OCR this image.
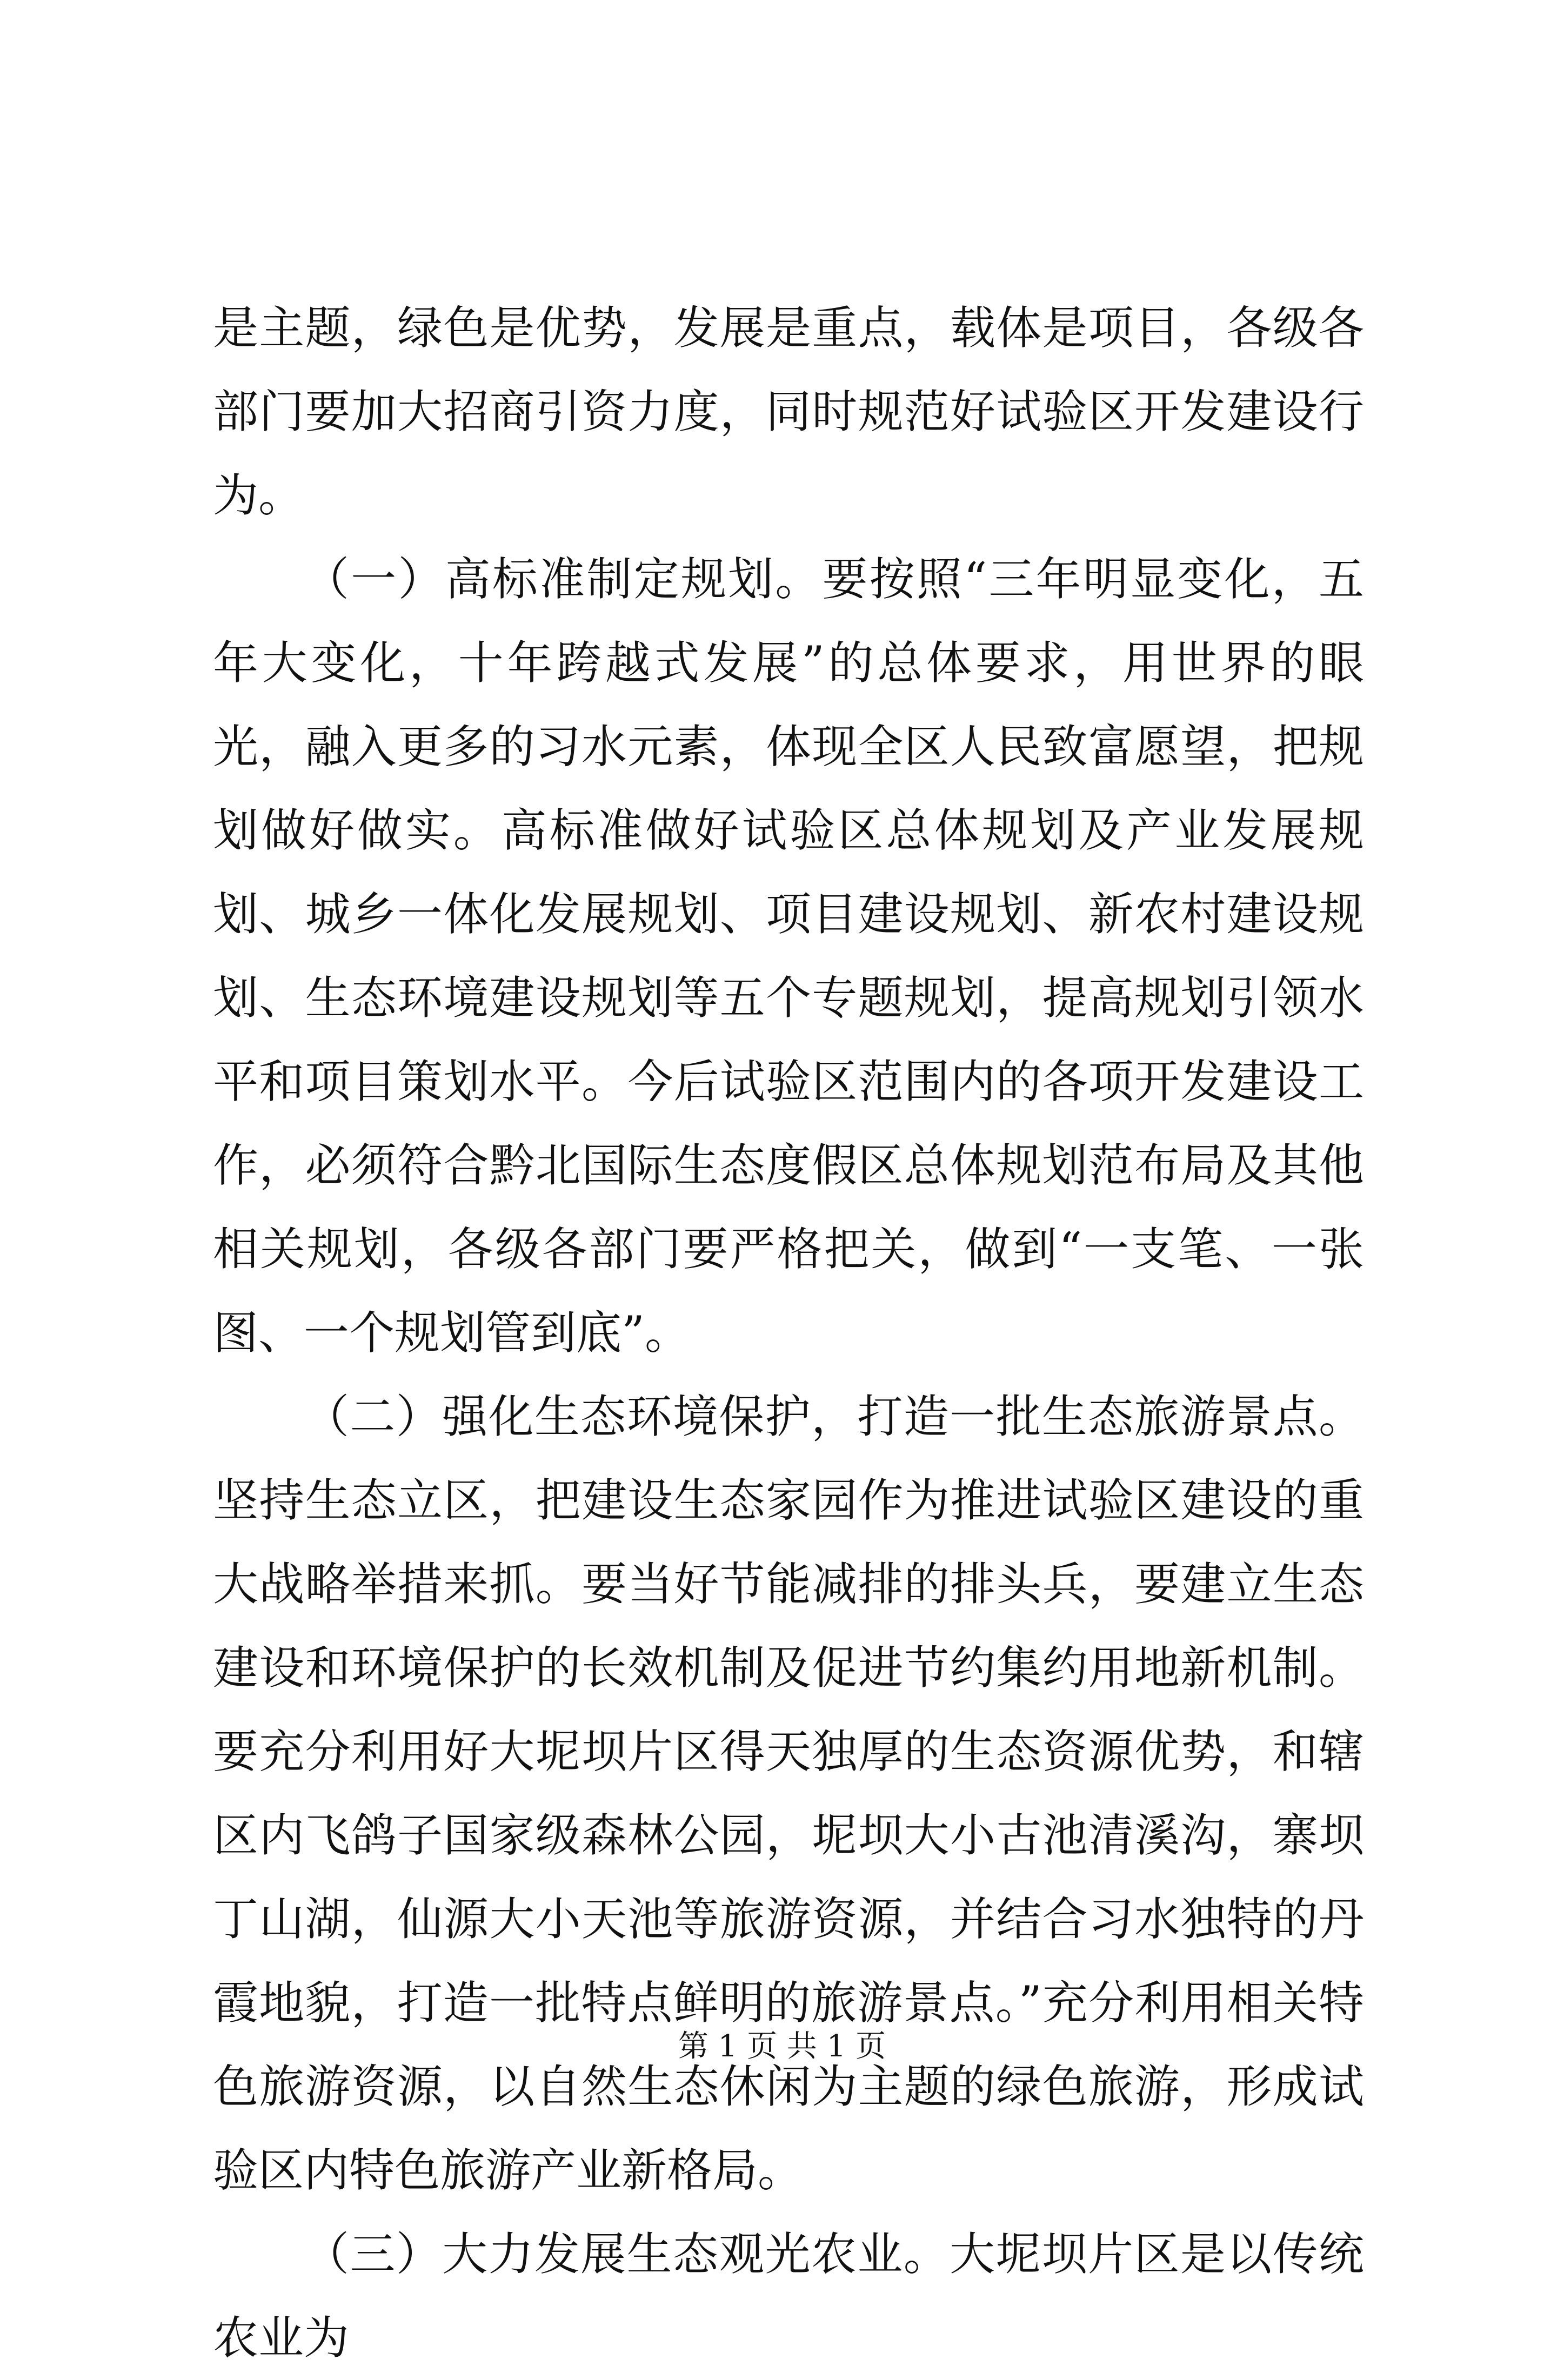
是主题，绿色是优势，发展是重点，载体是项目，各级各部门要加大招商引资力度，同时规范好试验区开发建设行为。

（一）高标准制定规划。要按照“三年明显变化，五年大变化，十年跨越式发展”的总体要求，用世界的眼光，融入更多的习水元素，体现全区人民致富愿望，把规划做好做实。高标准做好试验区总体规划及产业发展规划、城乡一体化发展规划、项目建设规划、新农村建设规划、生态环境建设规划等五个专题规划，提高规划引领水平和项目策划水平。今后试验区范围内的各项开发建设工作，必须符合黔北国际生态度假区总体规划范布局及其他相关规划，各级各部门要严格把关，做到“一支笔、一张图、一个规划管到底”。

（二）强化生态环境保护，打造一批生态旅游景点。坚持生态立区，把建设生态家园作为推进试验区建设的重大战略举措来抓。要当好节能减排的排头兵，要建立生态建设和环境保护的长效机制及促进节约集约用地新机制。要充分利用好大坭坝片区得天独厚的生态资源优势，和辖区内飞鸽子国家级森林公园，坭坝大小古池清溪沟，寨坝丁山湖，仙源大小天池等旅游资源，并结合习水独特的丹霞地貌，打造一批特点鲜明的旅游景点。”充分利用相关特色旅游资源，以自然生态休闲为主题的绿色旅游，形成试验区内特色旅游产业新格局。

（三）大力发展生态观光农业。大坭坝片区是以传统农业为

第 1 页 共 1 页
